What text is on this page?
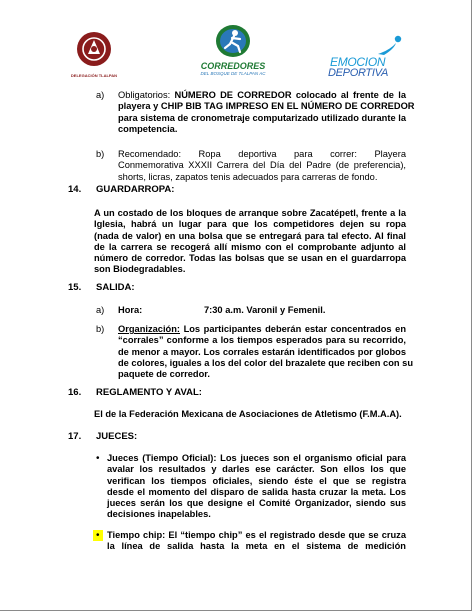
DELEGACIÓN TLALPAN
CORREDORES
DEL BOSQUE DE TLALPAN AC
EMOCION
DEPORTIVA
a) Obligatorios: NÚMERO DE CORREDOR colocado al frente de la
playera y CHIP BIB TAG IMPRESO EN EL NÚMERO DE CORREDOR
para sistema de cronometraje computarizado utilizado durante la
competencia.
b) Recomendado: Ropa deportiva para correr: Playera
Conmemorativa XXXII Carrera del Día del Padre (de preferencia),
shorts, licras, zapatos tenis adecuados para carreras de fondo.
14. GUARDARROPA:
A un costado de los bloques de arranque sobre Zacatépetl, frente a la
Iglesia, habrá un lugar para que los competidores dejen su ropa
(nada de valor) en una bolsa que se entregará para tal efecto. Al final
de la carrera se recogerá allí mismo con el comprobante adjunto al
número de corredor. Todas las bolsas que se usan en el guardarropa
son Biodegradables.
15. SALIDA:
a) Hora:	7:30 a.m. Varonil y Femenil.
b) Organización: Los participantes deberán estar concentrados en
“corrales” conforme a los tiempos esperados para su recorrido,
de menor a mayor. Los corrales estarán identificados por globos
de colores, iguales a los del color del brazalete que reciben con su
paquete de corredor.
16. REGLAMENTO Y AVAL:
El de la Federación Mexicana de Asociaciones de Atletismo (F.M.A.A).
17. JUECES:
• Jueces (Tiempo Oficial): Los jueces son el organismo oficial para
avalar los resultados y darles ese carácter. Son ellos los que
verifican los tiempos oficiales, siendo éste el que se registra
desde el momento del disparo de salida hasta cruzar la meta. Los
jueces serán los que designe el Comité Organizador, siendo sus
decisiones inapelables.
• Tiempo chip: El “tiempo chip” es el registrado desde que se cruza
la línea de salida hasta la meta en el sistema de medición
